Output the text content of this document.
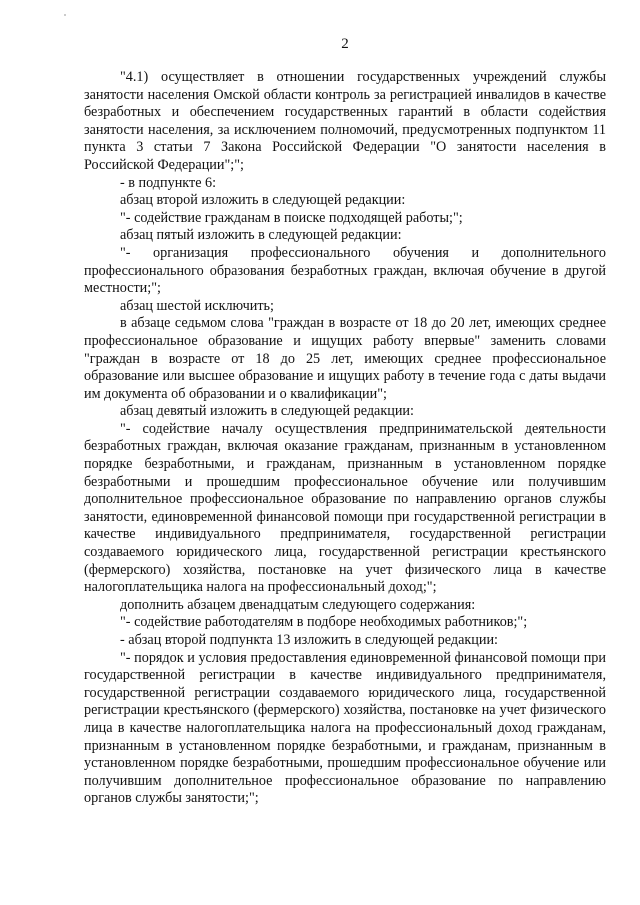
2

"4.1) осуществляет в отношении государственных учреждений службы занятости населения Омской области контроль за регистрацией инвалидов в качестве безработных и обеспечением государственных гарантий в области содействия занятости населения, за исключением полномочий, предусмотренных подпунктом 11 пункта 3 статьи 7 Закона Российской Федерации "О занятости населения в Российской Федерации";";

- в подпункте 6:

абзац второй изложить в следующей редакции:

"- содействие гражданам в поиске подходящей работы;";

абзац пятый изложить в следующей редакции:

"- организация профессионального обучения и дополнительного профессионального образования безработных граждан, включая обучение в другой местности;";

абзац шестой исключить;

в абзаце седьмом слова "граждан в возрасте от 18 до 20 лет, имеющих среднее профессиональное образование и ищущих работу впервые" заменить словами "граждан в возрасте от 18 до 25 лет, имеющих среднее профессиональное образование или высшее образование и ищущих работу в течение года с даты выдачи им документа об образовании и о квалификации";

абзац девятый изложить в следующей редакции:

"- содействие началу осуществления предпринимательской деятельности безработных граждан, включая оказание гражданам, признанным в установленном порядке безработными, и гражданам, признанным в установленном порядке безработными и прошедшим профессиональное обучение или получившим дополнительное профессиональное образование по направлению органов службы занятости, единовременной финансовой помощи при государственной регистрации в качестве индивидуального предпринимателя, государственной регистрации создаваемого юридического лица, государственной регистрации крестьянского (фермерского) хозяйства, постановке на учет физического лица в качестве налогоплательщика налога на профессиональный доход;";

дополнить абзацем двенадцатым следующего содержания:

"- содействие работодателям в подборе необходимых работников;";

- абзац второй подпункта 13 изложить в следующей редакции:

"- порядок и условия предоставления единовременной финансовой помощи при государственной регистрации в качестве индивидуального предпринимателя, государственной регистрации создаваемого юридического лица, государственной регистрации крестьянского (фермерского) хозяйства, постановке на учет физического лица в качестве налогоплательщика налога на профессиональный доход гражданам, признанным в установленном порядке безработными, и гражданам, признанным в установленном порядке безработными, прошедшим профессиональное обучение или получившим дополнительное профессиональное образование по направлению органов службы занятости;";
